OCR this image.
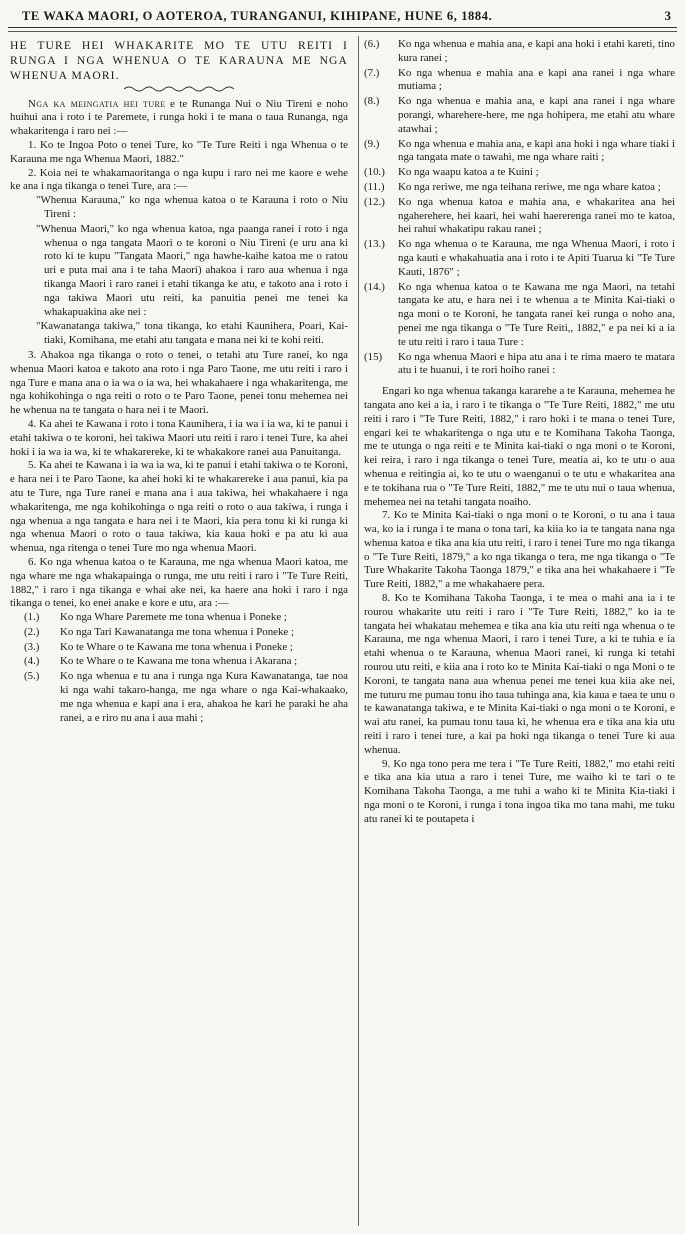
TE WAKA MAORI, O AOTEROA, TURANGANUI, KIHIPANE, HUNE 6, 1884.	3

HE TURE HEI WHAKARITE MO TE UTU REITI I RUNGA I NGA WHENUA O TE KARAUNA ME NGA WHENUA MAORI.

Nga ka meingatia hei ture e te Runanga Nui o Niu Tireni e noho huihui ana i roto i te Paremete, i runga hoki i te mana o taua Runanga, nga whakaritenga i raro nei :—

1. Ko te Ingoa Poto o tenei Ture, ko "Te Ture Reiti i nga Whenua o te Karauna me nga Whenua Maori, 1882."

2. Koia nei te whakamaoritanga o nga kupu i raro nei me kaore e wehe ke ana i nga tikanga o tenei Ture, ara :—

"Whenua Karauna," ko nga whenua katoa o te Karauna i roto o Niu Tireni :

"Whenua Maori," ko nga whenua katoa, nga paanga ranei i roto i nga whenua o nga tangata Maori o te koroni o Niu Tireni (e uru ana ki roto ki te kupu "Tangata Maori," nga hawhe-kaihe katoa me o ratou uri e puta mai ana i te taha Maori) ahakoa i raro aua whenua i nga tikanga Maori i raro ranei i etahi tikanga ke atu, e takoto ana i roto i nga takiwa Maori utu reiti, ka panuitia penei me tenei ka whakapuakina ake nei :

"Kawanatanga takiwa," tona tikanga, ko etahi Kaunihera, Poari, Kai-tiaki, Komihana, me etahi atu tangata e mana nei ki te kohi reiti.

3. Ahakoa nga tikanga o roto o tenei, o tetahi atu Ture ranei, ko nga whenua Maori katoa e takoto ana roto i nga Paro Taone, me utu reiti i raro i nga Ture e mana ana o ia wa o ia wa, hei whakahaere i nga whakaritenga, me nga kohikohinga o nga reiti o roto o te Paro Taone, penei tonu mehemea nei he whenua na te tangata o hara nei i te Maori.

4. Ka ahei te Kawana i roto i tona Kaunihera, i ia wa i ia wa, ki te panui i etahi takiwa o te koroni, hei takiwa Maori utu reiti i raro i tenei Ture, ka ahei hoki i ia wa ia wa, ki te whakarereke, ki te whakakore ranei aua Panuitanga.

5. Ka ahei te Kawana i ia wa ia wa, ki te panui i etahi takiwa o te Koroni, e hara nei i te Paro Taone, ka ahei hoki ki te whakarereke i aua panui, kia pa atu te Ture, nga Ture ranei e mana ana i aua takiwa, hei whakahaere i nga whakaritenga, me nga kohikohinga o nga reiti o roto o aua takiwa, i runga i nga whenua a nga tangata e hara nei i te Maori, kia pera tonu ki ki runga ki nga whenua Maori o roto o taua takiwa, kia kaua hoki e pa atu ki aua whenua, nga ritenga o tenei Ture mo nga whenua Maori.

6. Ko nga whenua katoa o te Karauna, me nga whenua Maori katoa, me nga whare me nga whakapainga o runga, me utu reiti i raro i "Te Ture Reiti, 1882," i raro i nga tikanga e whai ake nei, ka haere ana hoki i raro i nga tikanga o tenei, ko enei anake e kore e utu, ara :—

(1.)	Ko nga Whare Paremete me tona whenua i Poneke ;
(2.)	Ko nga Tari Kawanatanga me tona whenua i Poneke ;
(3.)	Ko te Whare o te Kawana me tona whenua i Poneke ;
(4.)	Ko te Whare o te Kawana me tona whenua i Akarana ;
(5.)	Ko nga whenua e tu ana i runga nga Kura Kawanatanga, tae noa ki nga wahi takaro-hanga, me nga whare o nga Kai-whakaako, me nga whenua e kapi ana i era, ahakoa he kari he paraki he aha ranei, a e riro nu ana i aua mahi ;
(6.)	Ko nga whenua e mahia ana, e kapi ana hoki i etahi kareti, tino kura ranei ;
(7.)	Ko nga whenua e mahia ana e kapi ana ranei i nga whare mutiama ;
(8.)	Ko nga whenua e mahia ana, e kapi ana ranei i nga whare porangi, wharehere-here, me nga hohipera, me etahi atu whare atawhai ;
(9.)	Ko nga whenua e mahia ana, e kapi ana hoki i nga whare tiaki i nga tangata mate o tawahi, me nga whare raiti ;
(10.)	Ko nga waapu katoa a te Kuini ;
(11.)	Ko nga reriwe, me nga teihana reriwe, me nga whare katoa ;
(12.)	Ko nga whenua katoa e mahia ana, e whakaritea ana hei ngaherehere, hei kaari, hei wahi haererenga ranei mo te katoa, hei rahui whakatipu rakau ranei ;
(13.)	Ko nga whenua o te Karauna, me nga Whenua Maori, i roto i nga kauti e whakahuatia ana i roto i te Apiti Tuarua ki "Te Ture Kauti, 1876" ;
(14.)	Ko nga whenua katoa o te Kawana me nga Maori, na tetahi tangata ke atu, e hara nei i te whenua a te Minita Kai-tiaki o nga moni o te Koroni, he tangata ranei kei runga o noho ana, penei me nga tikanga o "Te Ture Reiti,, 1882," e pa nei ki a ia te utu reiti i raro i taua Ture :
(15)	Ko nga whenua Maori e hipa atu ana i te rima maero te matara atu i te huanui, i te rori hoiho ranei :

Engari ko nga whenua takanga kararehe a te Karauna, mehemea he tangata ano kei a ia, i raro i te tikanga o "Te Ture Reiti, 1882," me utu reiti i raro i "Te Ture Reiti, 1882," i raro hoki i te mana o tenei Ture, engari kei te whakaritenga o nga utu e te Komihana Takoha Taonga, me te utunga o nga reiti e te Minita kai-tiaki o nga moni o te Koroni, kei reira, i raro i nga tikanga o tenei Ture, meatia ai, ko te utu o aua whenua e reitingia ai, ko te utu o waenganui o te utu e whakaritea ana e te tokihana rua o "Te Ture Reiti, 1882," me te utu nui o taua whenua, mehemea nei na tetahi tangata noaiho.

7. Ko te Minita Kai-tiaki o nga moni o te Koroni, o tu ana i taua wa, ko ia i runga i te mana o tona tari, ka kiia ko ia te tangata nana nga whenua katoa e tika ana kia utu reiti, i raro i tenei Ture mo nga tikanga o "Te Ture Reiti, 1879," a ko nga tikanga o tera, me nga tikanga o "Te Ture Whakarite Takoha Taonga 1879," e tika ana hei whakahaere i "Te Ture Reiti, 1882," a me whakahaere pera.

8. Ko te Komihana Takoha Taonga, i te mea o mahi ana ia i te rourou whakarite utu reiti i raro i "Te Ture Reiti, 1882," ko ia te tangata hei whakatau mehemea e tika ana kia utu reiti nga whenua o te Karauna, me nga whenua Maori, i raro i tenei Ture, a ki te tuhia e ia etahi whenua o te Karauna, whenua Maori ranei, ki runga ki tetahi rourou utu reiti, e kiia ana i roto ko te Minita Kai-tiaki o nga Moni o te Koroni, te tangata nana aua whenua penei me tenei kua kiia ake nei, me tuturu me pumau tonu iho taua tuhinga ana, kia kaua e taea te unu o te kawanatanga takiwa, e te Minita Kai-tiaki o nga moni o te Koroni, e wai atu ranei, ka pumau tonu taua ki, he whenua era e tika ana kia utu reiti i raro i tenei ture, a kai pa hoki nga tikanga o tenei Ture ki aua whenua.

9. Ko nga tono pera me tera i "Te Ture Reiti, 1882," mo etahi reiti e tika ana kia utua a raro i tenei Ture, me waiho ki te tari o te Komihana Takoha Taonga, a me tuhi a waho ki te Minita Kia-tiaki i nga moni o te Koroni, i runga i tona ingoa tika mo tana mahi, me tuku atu ranei ki te poutapeta i
